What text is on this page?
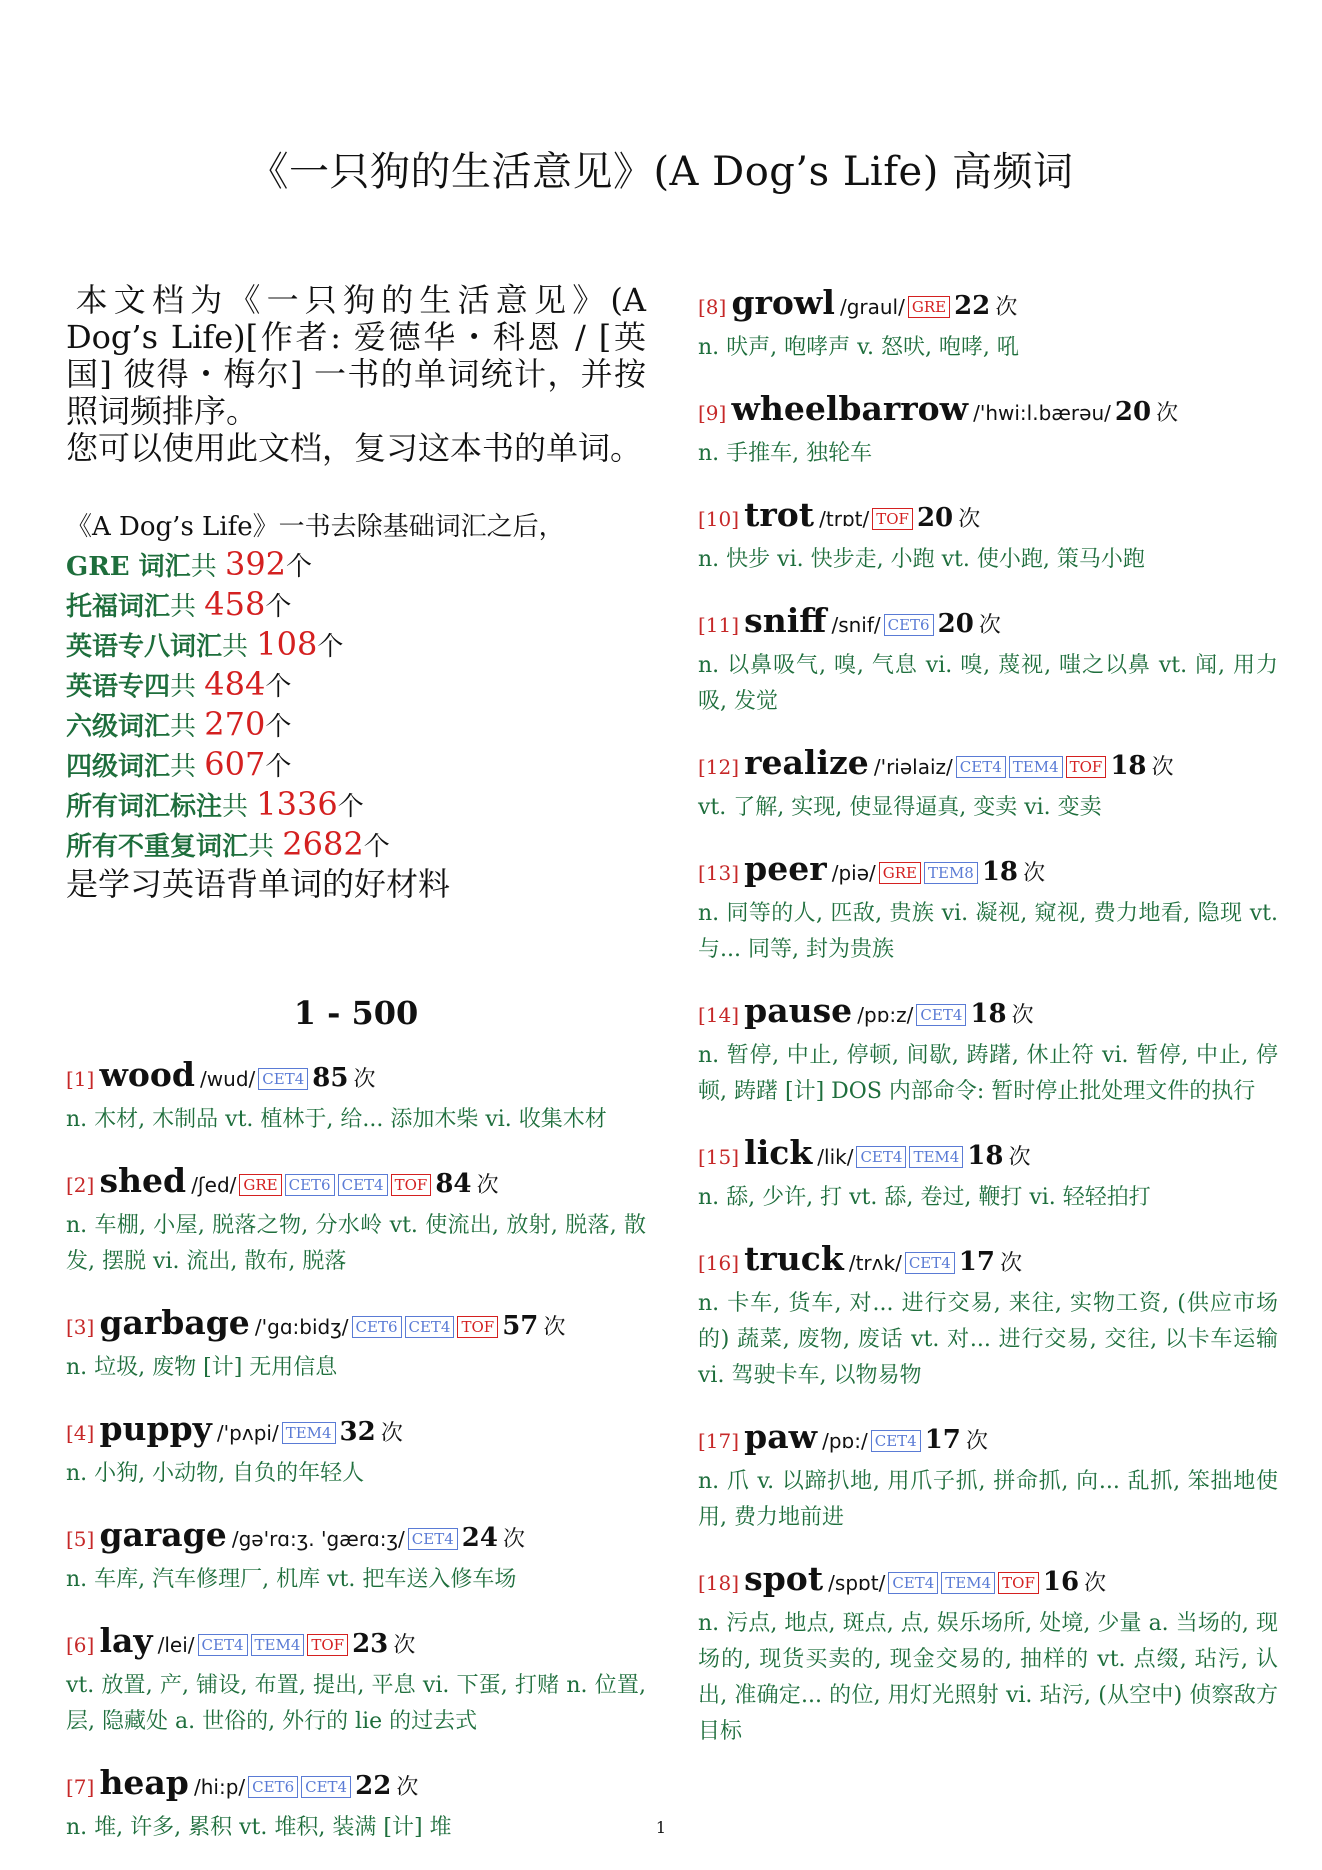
《一只狗的生活意见》(A Dog’s Life) 高频词

本文档为《一只狗的生活意见》(A Dog’s Life)[作者: 爱德华・科恩 / [英国] 彼得・梅尔] 一书的单词统计，并按照词频排序。

您可以使用此文档，复习这本书的单词。

《A Dog’s Life》一书去除基础词汇之后，
GRE 词汇共 392个
托福词汇共 458个
英语专八词汇共 108个
英语专四共 484个
六级词汇共 270个
四级词汇共 607个
所有词汇标注共 1336个
所有不重复词汇共 2682个
是学习英语背单词的好材料
1 - 500
[1] wood /wud/ CET4 85 次
n. 木材, 木制品 vt. 植林于, 给... 添加木柴 vi. 收集木材
[2] shed /ʃed/ GRE CET6 CET4 TOF 84 次
n. 车棚, 小屋, 脱落之物, 分水岭 vt. 使流出, 放射, 脱落, 散发, 摆脱 vi. 流出, 散布, 脱落
[3] garbage /'gɑ:bidʒ/ CET6 CET4 TOF 57 次
n. 垃圾, 废物 [计] 无用信息
[4] puppy /'pʌpi/ TEM4 32 次
n. 小狗, 小动物, 自负的年轻人
[5] garage /gə'rɑ:ʒ. 'gærɑ:ʒ/ CET4 24 次
n. 车库, 汽车修理厂, 机库 vt. 把车送入修车场
[6] lay /lei/ CET4 TEM4 TOF 23 次
vt. 放置, 产, 铺设, 布置, 提出, 平息 vi. 下蛋, 打赌 n. 位置, 层, 隐藏处 a. 世俗的, 外行的 lie 的过去式
[7] heap /hi:p/ CET6 CET4 22 次
n. 堆, 许多, 累积 vt. 堆积, 装满 [计] 堆
[8] growl /graul/ GRE 22 次
n. 吠声, 咆哮声 v. 怒吠, 咆哮, 吼
[9] wheelbarrow /'hwi:l.bærəu/ 20 次
n. 手推车, 独轮车
[10] trot /trɒt/ TOF 20 次
n. 快步 vi. 快步走, 小跑 vt. 使小跑, 策马小跑
[11] sniff /snif/ CET6 20 次
n. 以鼻吸气, 嗅, 气息 vi. 嗅, 蔑视, 嗤之以鼻 vt. 闻, 用力吸, 发觉
[12] realize /'riəlaiz/ CET4 TEM4 TOF 18 次
vt. 了解, 实现, 使显得逼真, 变卖 vi. 变卖
[13] peer /piə/ GRE TEM8 18 次
n. 同等的人, 匹敌, 贵族 vi. 凝视, 窥视, 费力地看, 隐现 vt. 与... 同等, 封为贵族
[14] pause /pɒ:z/ CET4 18 次
n. 暂停, 中止, 停顿, 间歇, 踌躇, 休止符 vi. 暂停, 中止, 停顿, 踌躇 [计] DOS 内部命令: 暂时停止批处理文件的执行
[15] lick /lik/ CET4 TEM4 18 次
n. 舔, 少许, 打 vt. 舔, 卷过, 鞭打 vi. 轻轻拍打
[16] truck /trʌk/ CET4 17 次
n. 卡车, 货车, 对... 进行交易, 来往, 实物工资, (供应市场的) 蔬菜, 废物, 废话 vt. 对... 进行交易, 交往, 以卡车运输 vi. 驾驶卡车, 以物易物
[17] paw /pɒ:/ CET4 17 次
n. 爪 v. 以蹄扒地, 用爪子抓, 拼命抓, 向... 乱抓, 笨拙地使用, 费力地前进
[18] spot /spɒt/ CET4 TEM4 TOF 16 次
n. 污点, 地点, 斑点, 点, 娱乐场所, 处境, 少量 a. 当场的, 现场的, 现货买卖的, 现金交易的, 抽样的 vt. 点缀, 玷污, 认出, 准确定... 的位, 用灯光照射 vi. 玷污, (从空中) 侦察敌方目标
1
